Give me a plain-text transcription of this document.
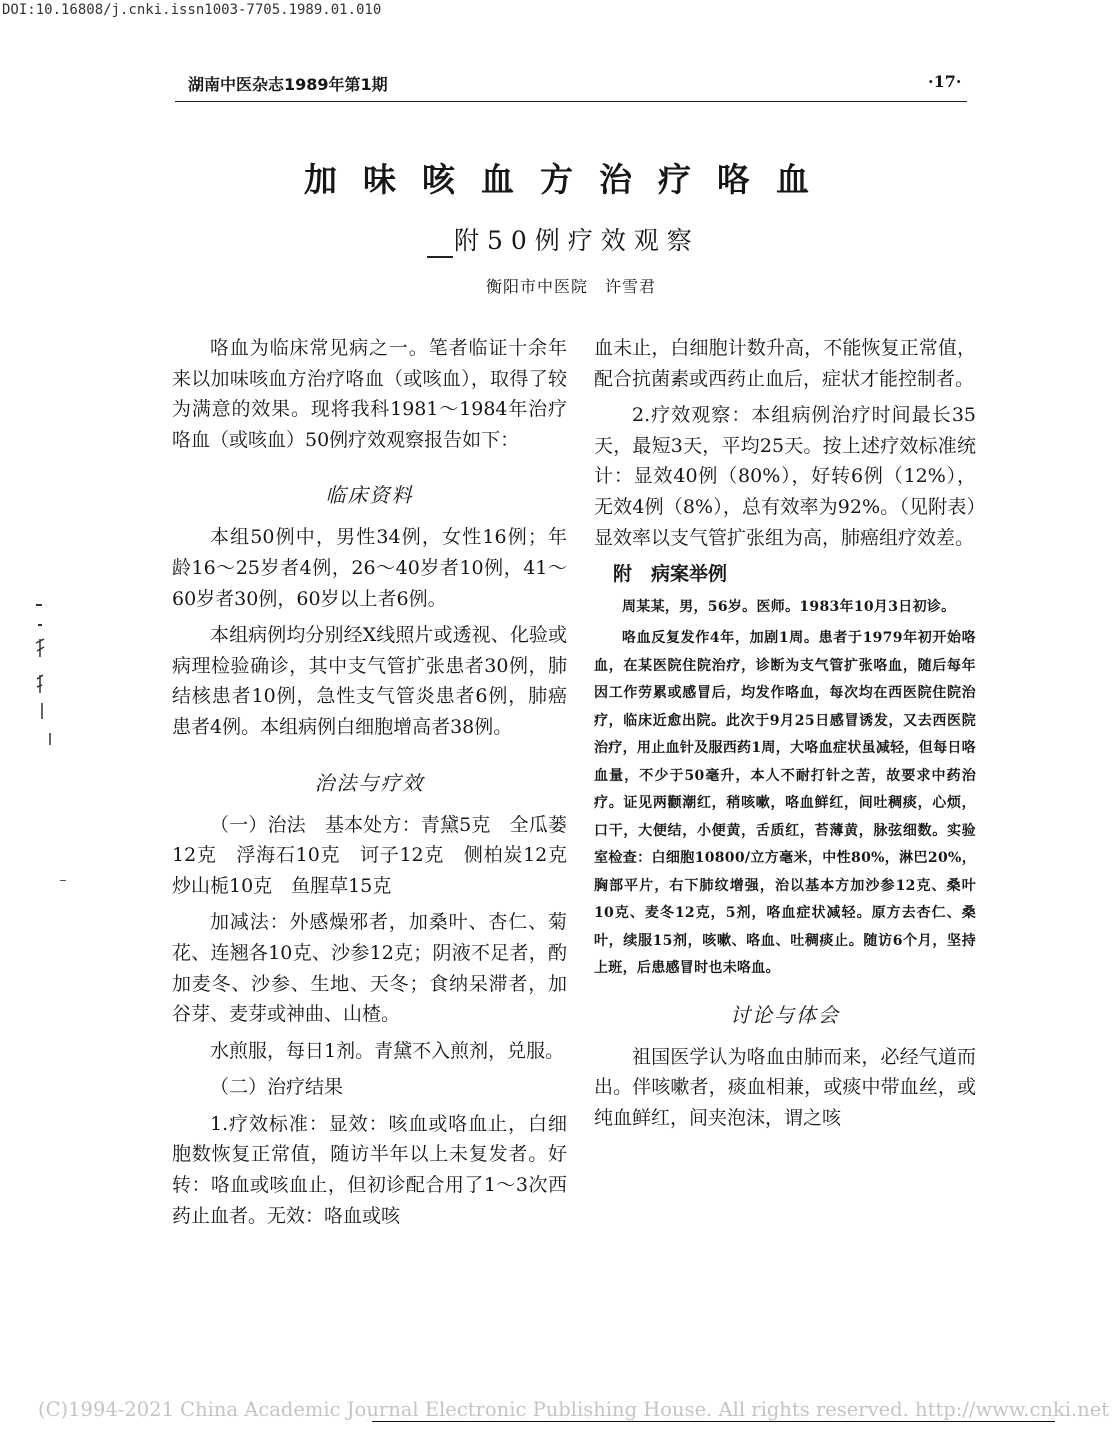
DOI:10.16808/j.cnki.issn1003-7705.1989.01.010
湖南中医杂志1989年第1期	·17·
加味咳血方治疗咯血
附50例疗效观察
衡阳市中医院　许雪君

咯血为临床常见病之一。笔者临证十余年来以加味咳血方治疗咯血（或咳血），取得了较为满意的效果。现将我科1981～1984年治疗咯血（或咳血）50例疗效观察报告如下：

临床资料

本组50例中，男性34例，女性16例；年龄16～25岁者4例，26～40岁者10例，41～60岁者30例，60岁以上者6例。

本组病例均分别经X线照片或透视、化验或病理检验确诊，其中支气管扩张患者30例，肺结核患者10例，急性支气管炎患者6例，肺癌患者4例。本组病例白细胞增高者38例。

治法与疗效

（一）治法　基本处方：青黛5克　全瓜蒌12克　浮海石10克　诃子12克　侧柏炭12克　炒山栀10克　鱼腥草15克

加减法：外感燥邪者，加桑叶、杏仁、菊花、连翘各10克、沙参12克；阴液不足者，酌加麦冬、沙参、生地、天冬；食纳呆滞者，加谷芽、麦芽或神曲、山楂。

水煎服，每日1剂。青黛不入煎剂，兑服。

（二）治疗结果

1.疗效标准：显效：咳血或咯血止，白细胞数恢复正常值，随访半年以上未复发者。好转：咯血或咳血止，但初诊配合用了1～3次西药止血者。无效：咯血或咳

血未止，白细胞计数升高，不能恢复正常值，配合抗菌素或西药止血后，症状才能控制者。

2.疗效观察：本组病例治疗时间最长35天，最短3天，平均25天。按上述疗效标准统计：显效40例（80%），好转6例（12%），无效4例（8%），总有效率为92%。（见附表）显效率以支气管扩张组为高，肺癌组疗效差。

附　病案举例

周某某，男，56岁。医师。1983年10月3日初诊。

咯血反复发作4年，加剧1周。患者于1979年初开始咯血，在某医院住院治疗，诊断为支气管扩张咯血，随后每年因工作劳累或感冒后，均发作咯血，每次均在西医院住院治疗，临床近愈出院。此次于9月25日感冒诱发，又去西医院治疗，用止血针及服西药1周，大咯血症状虽减轻，但每日咯血量，不少于50毫升，本人不耐打针之苦，故要求中药治疗。证见两颧潮红，稍咳嗽，咯血鲜红，间吐稠痰，心烦，口干，大便结，小便黄，舌质红，苔薄黄，脉弦细数。实验室检查：白细胞10800/立方毫米，中性80%，淋巴20%，胸部平片，右下肺纹增强，治以基本方加沙参12克、桑叶10克、麦冬12克，5剂，咯血症状减轻。原方去杏仁、桑叶，续服15剂，咳嗽、咯血、吐稠痰止。随访6个月，坚持上班，后患感冒时也未咯血。

讨论与体会

祖国医学认为咯血由肺而来，必经气道而出。伴咳嗽者，痰血相兼，或痰中带血丝，或纯血鲜红，间夹泡沫，谓之咳

(C)1994-2021 China Academic Journal Electronic Publishing House. All rights reserved. http://www.cnki.net
